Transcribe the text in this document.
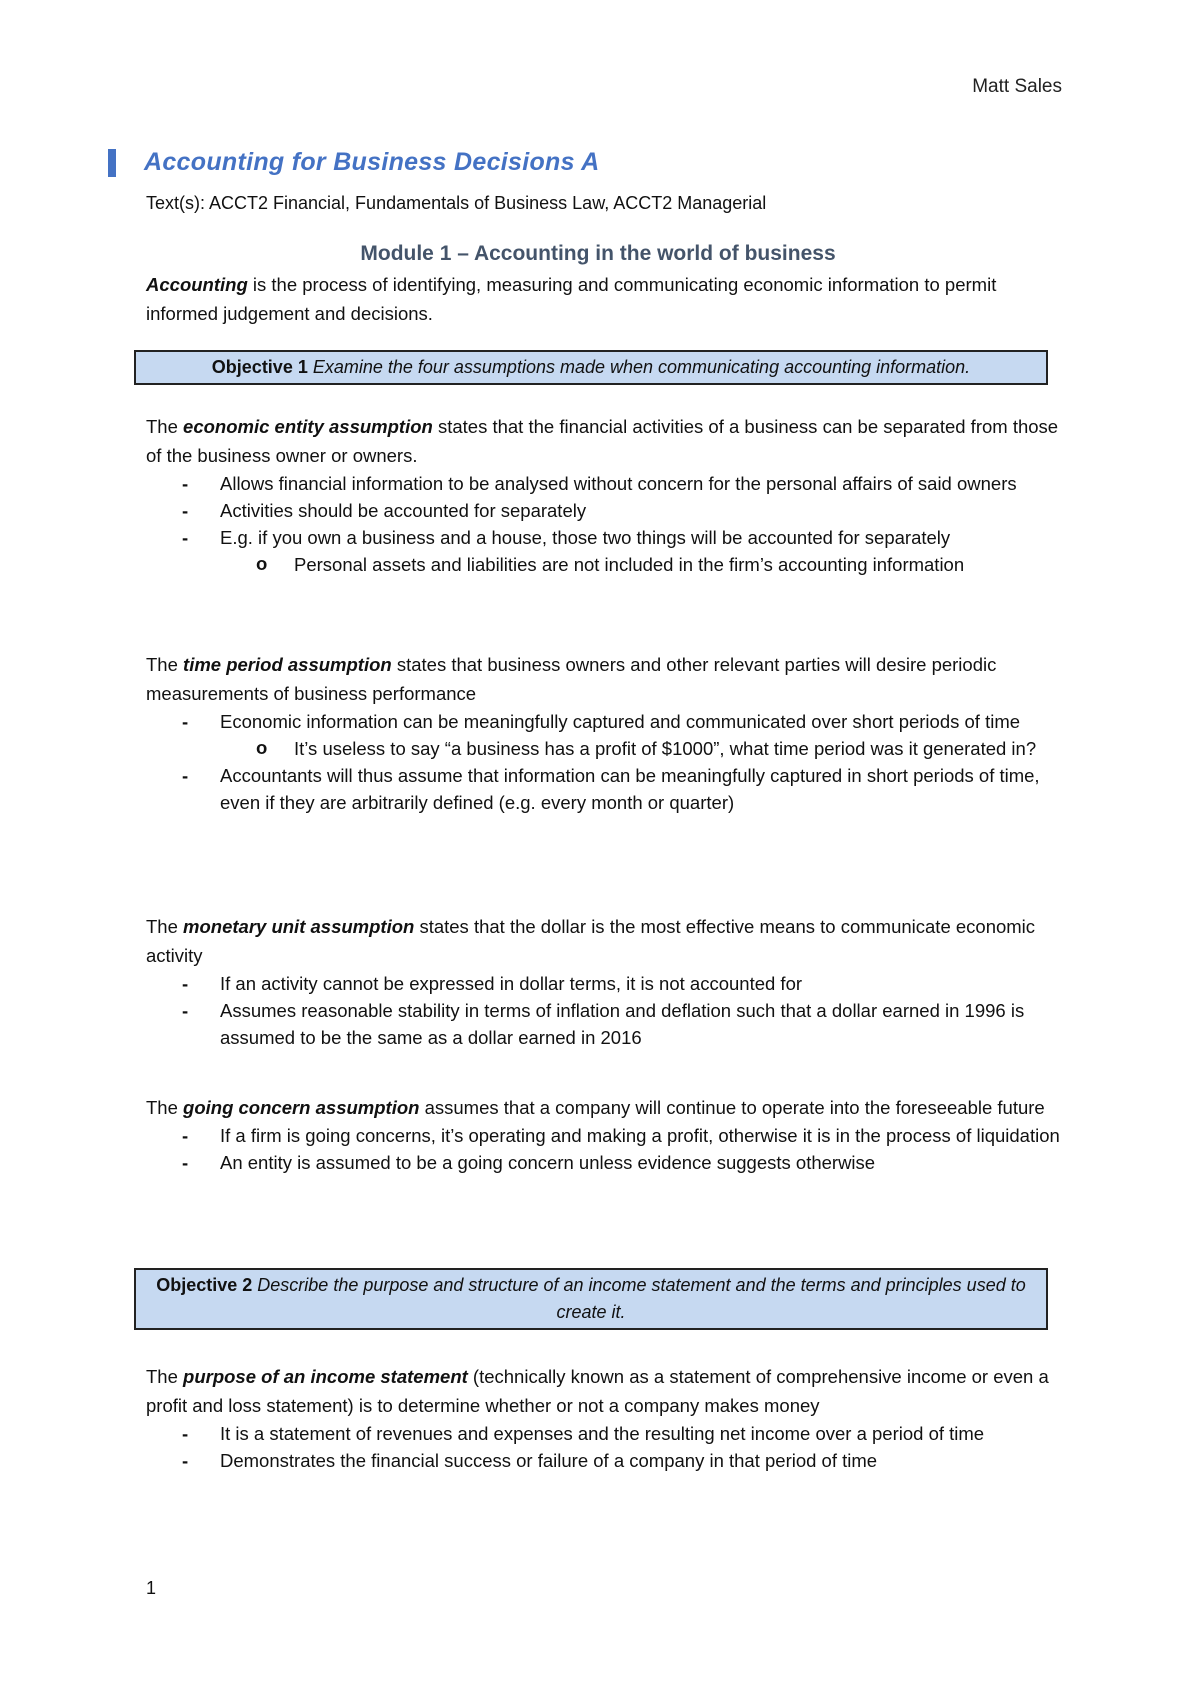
Matt Sales
Accounting for Business Decisions A
Text(s): ACCT2 Financial, Fundamentals of Business Law, ACCT2 Managerial
Module 1 – Accounting in the world of business

Accounting is the process of identifying, measuring and communicating economic information to permit informed judgement and decisions.

Objective 1 Examine the four assumptions made when communicating accounting information.

The economic entity assumption states that the financial activities of a business can be separated from those of the business owner or owners.

- Allows financial information to be analysed without concern for the personal affairs of said owners
- Activities should be accounted for separately
- E.g. if you own a business and a house, those two things will be accounted for separately
o Personal assets and liabilities are not included in the firm’s accounting information

The time period assumption states that business owners and other relevant parties will desire periodic measurements of business performance

- Economic information can be meaningfully captured and communicated over short periods of time
o It’s useless to say “a business has a profit of $1000”, what time period was it generated in?
- Accountants will thus assume that information can be meaningfully captured in short periods of time, even if they are arbitrarily defined (e.g. every month or quarter)

The monetary unit assumption states that the dollar is the most effective means to communicate economic activity

- If an activity cannot be expressed in dollar terms, it is not accounted for
- Assumes reasonable stability in terms of inflation and deflation such that a dollar earned in 1996 is assumed to be the same as a dollar earned in 2016

The going concern assumption assumes that a company will continue to operate into the foreseeable future

- If a firm is going concerns, it’s operating and making a profit, otherwise it is in the process of liquidation
- An entity is assumed to be a going concern unless evidence suggests otherwise
Objective 2 Describe the purpose and structure of an income statement and the terms and principles used to create it.

The purpose of an income statement (technically known as a statement of comprehensive income or even a profit and loss statement) is to determine whether or not a company makes money

- It is a statement of revenues and expenses and the resulting net income over a period of time
- Demonstrates the financial success or failure of a company in that period of time
1
